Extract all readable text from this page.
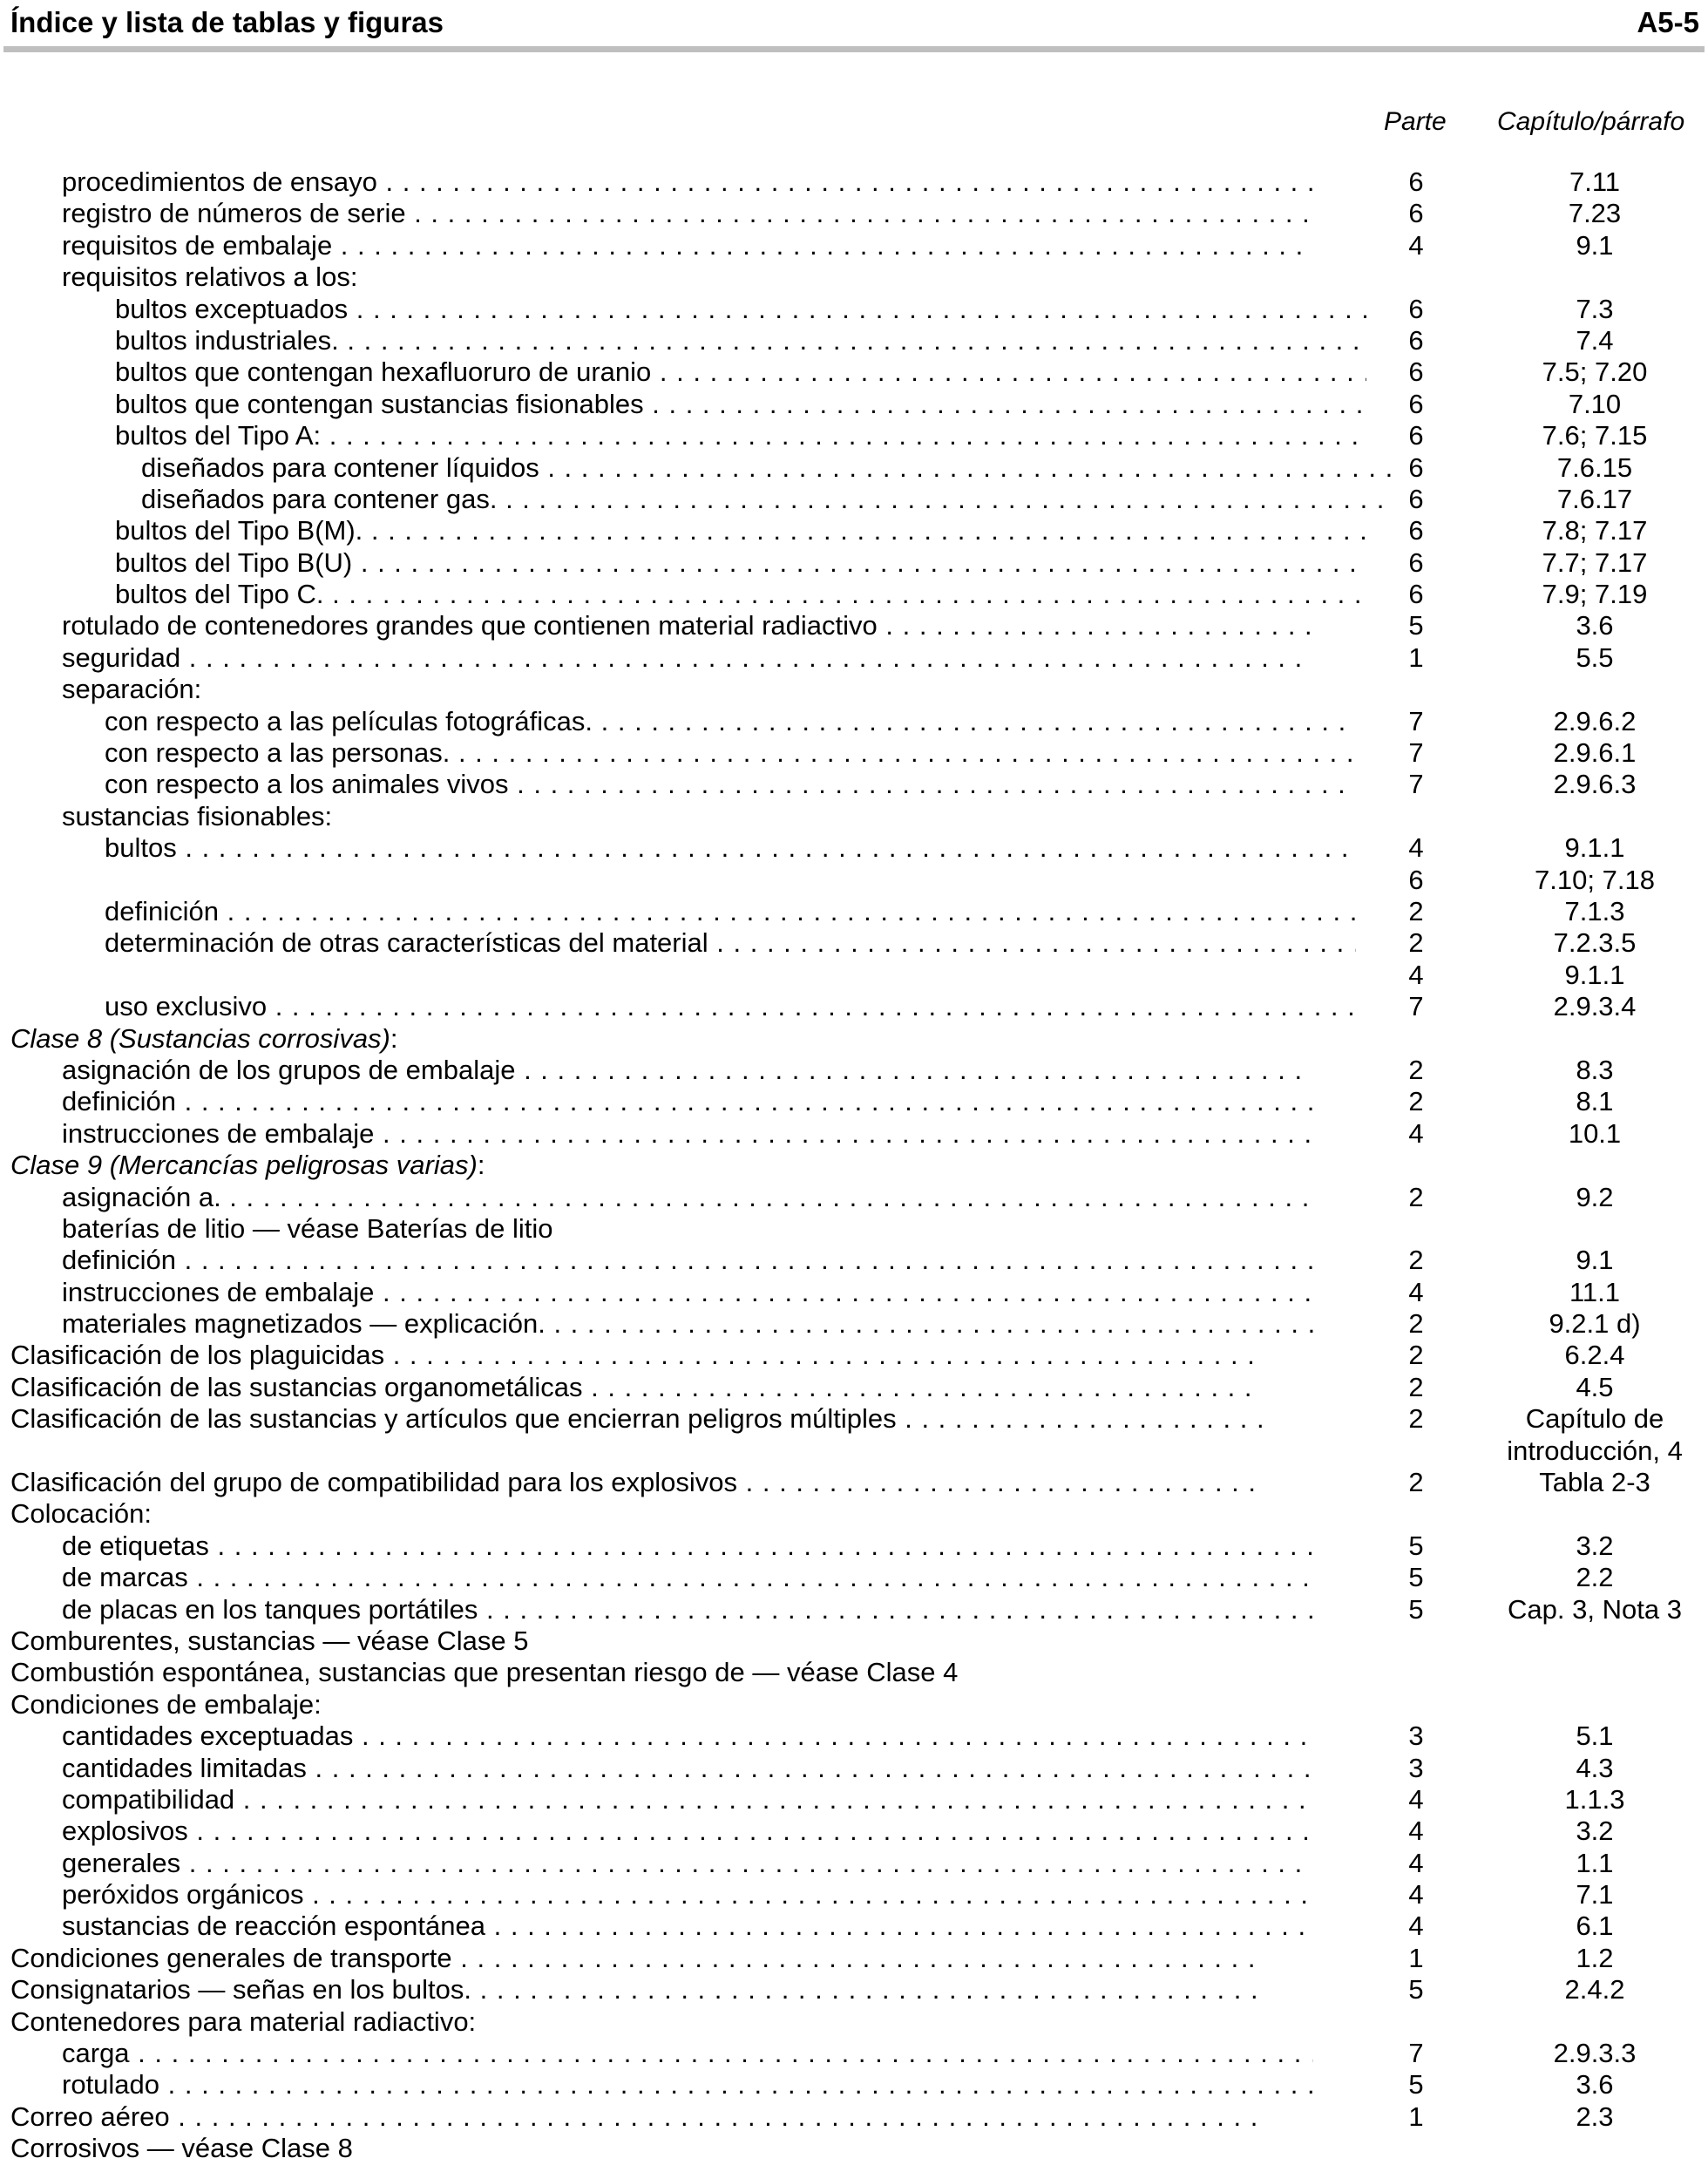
Índice y lista de tablas y figuras	A5-5
Parte Capítulo/párrafo
procedimientos de ensayo . . .	6	7.11
registro de números de serie . . .	6	7.23
requisitos de embalaje . . .	4	9.1
requisitos relativos a los:
bultos exceptuados . . .	6	7.3
bultos industriales. . . .	6	7.4
bultos que contengan hexafluoruro de uranio . . .	6	7.5; 7.20
bultos que contengan sustancias fisionables . . .	6	7.10
bultos del Tipo A: . . .	6	7.6; 7.15
diseñados para contener líquidos . . .	6	7.6.15
diseñados para contener gas. . . .	6	7.6.17
bultos del Tipo B(M). . . .	6	7.8; 7.17
bultos del Tipo B(U) . . .	6	7.7; 7.17
bultos del Tipo C. . . .	6	7.9; 7.19
rotulado de contenedores grandes que contienen material radiactivo . . .	5	3.6
seguridad . . .	1	5.5
separación:
con respecto a las películas fotográficas. . . .	7	2.9.6.2
con respecto a las personas. . . .	7	2.9.6.1
con respecto a los animales vivos . . .	7	2.9.6.3
sustancias fisionables:
bultos . . .	4	9.1.1
6	7.10; 7.18
definición . . .	2	7.1.3
determinación de otras características del material . . .	2	7.2.3.5
4	9.1.1
uso exclusivo . . .	7	2.9.3.4
Clase 8 (Sustancias corrosivas):
asignación de los grupos de embalaje . . .	2	8.3
definición . . .	2	8.1
instrucciones de embalaje . . .	4	10.1
Clase 9 (Mercancías peligrosas varias):
asignación a. . . .	2	9.2
baterías de litio — véase Baterías de litio
definición . . .	2	9.1
instrucciones de embalaje . . .	4	11.1
materiales magnetizados — explicación. . . .	2	9.2.1 d)
Clasificación de los plaguicidas . . .	2	6.2.4
Clasificación de las sustancias organometálicas . . .	2	4.5
Clasificación de las sustancias y artículos que encierran peligros múltiples . . .	2	Capítulo de
introducción, 4
Clasificación del grupo de compatibilidad para los explosivos . . .	2	Tabla 2-3
Colocación:
de etiquetas . . .	5	3.2
de marcas . . .	5	2.2
de placas en los tanques portátiles . . .	5	Cap. 3, Nota 3
Comburentes, sustancias — véase Clase 5
Combustión espontánea, sustancias que presentan riesgo de — véase Clase 4
Condiciones de embalaje:
cantidades exceptuadas . . .	3	5.1
cantidades limitadas . . .	3	4.3
compatibilidad . . .	4	1.1.3
explosivos . . .	4	3.2
generales . . .	4	1.1
peróxidos orgánicos . . .	4	7.1
sustancias de reacción espontánea . . .	4	6.1
Condiciones generales de transporte . . .	1	1.2
Consignatarios — señas en los bultos. . . .	5	2.4.2
Contenedores para material radiactivo:
carga . . .	7	2.9.3.3
rotulado . . .	5	3.6
Correo aéreo . . .	1	2.3
Corrosivos — véase Clase 8
